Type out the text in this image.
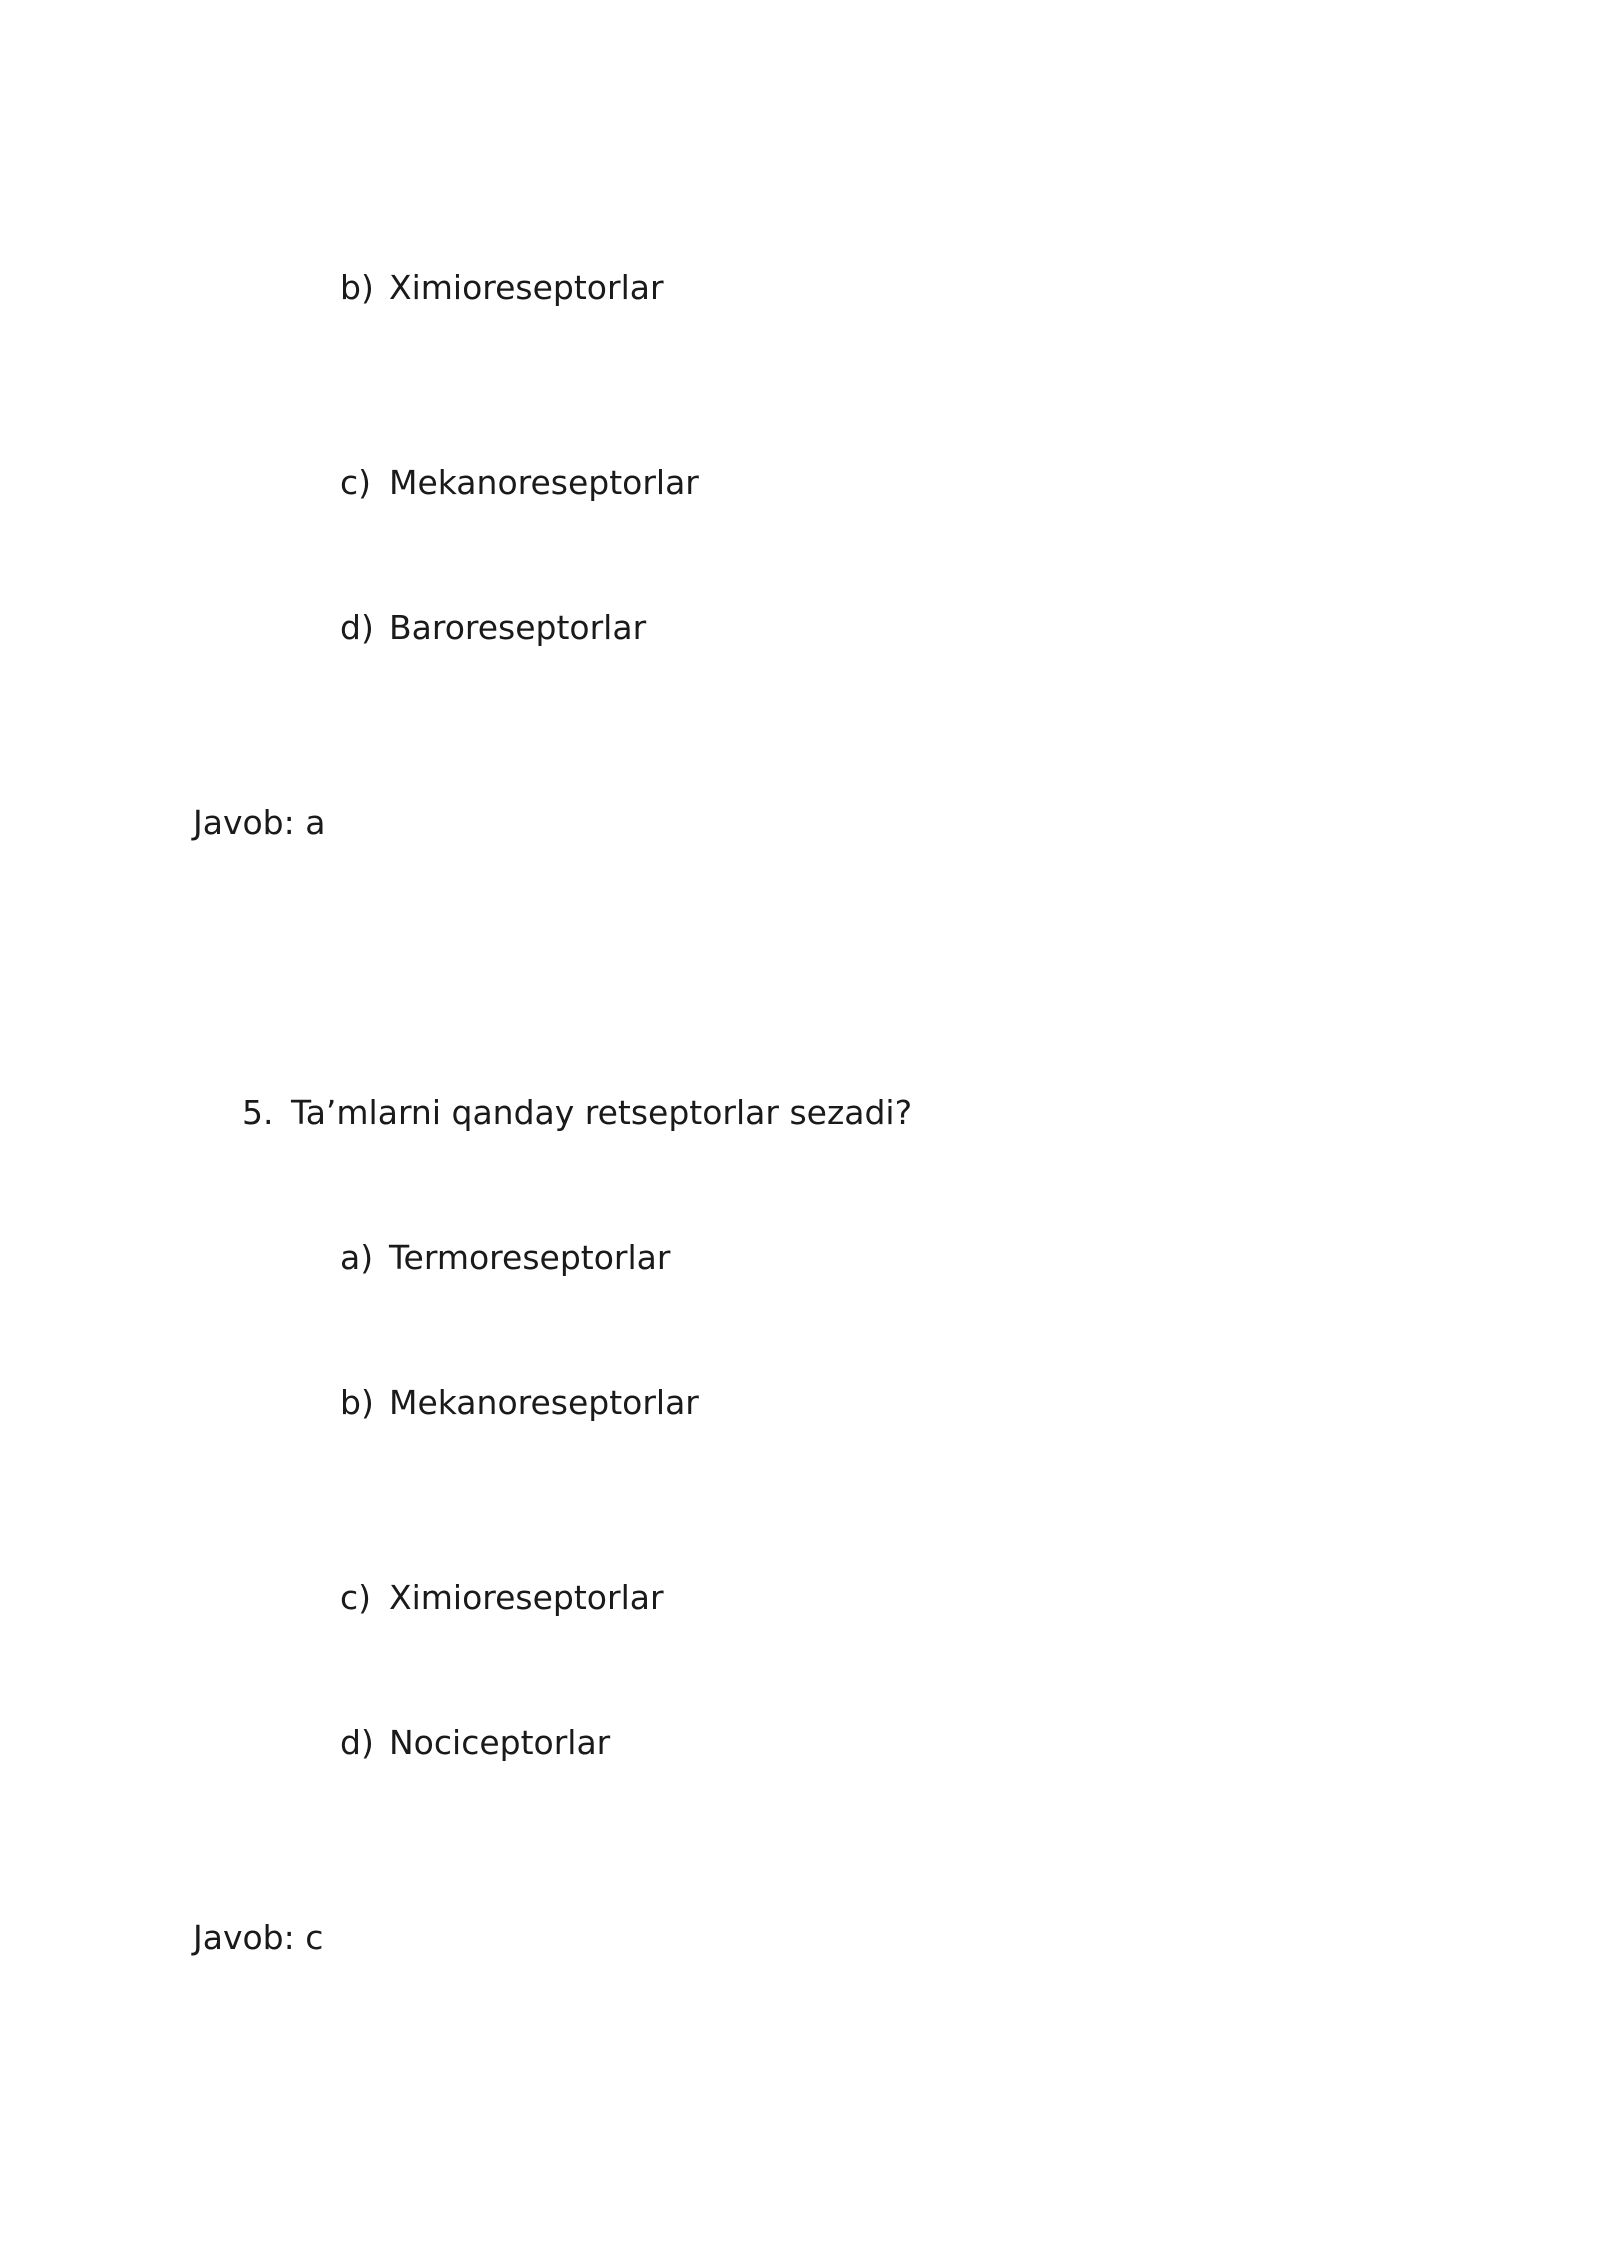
b) Ximioreseptorlar
c) Mekanoreseptorlar
d) Baroreseptorlar
Javob: a
5. Ta’mlarni qanday retseptorlar sezadi?
a) Termoreseptorlar
b) Mekanoreseptorlar
c) Ximioreseptorlar
d) Nociceptorlar
Javob: c
